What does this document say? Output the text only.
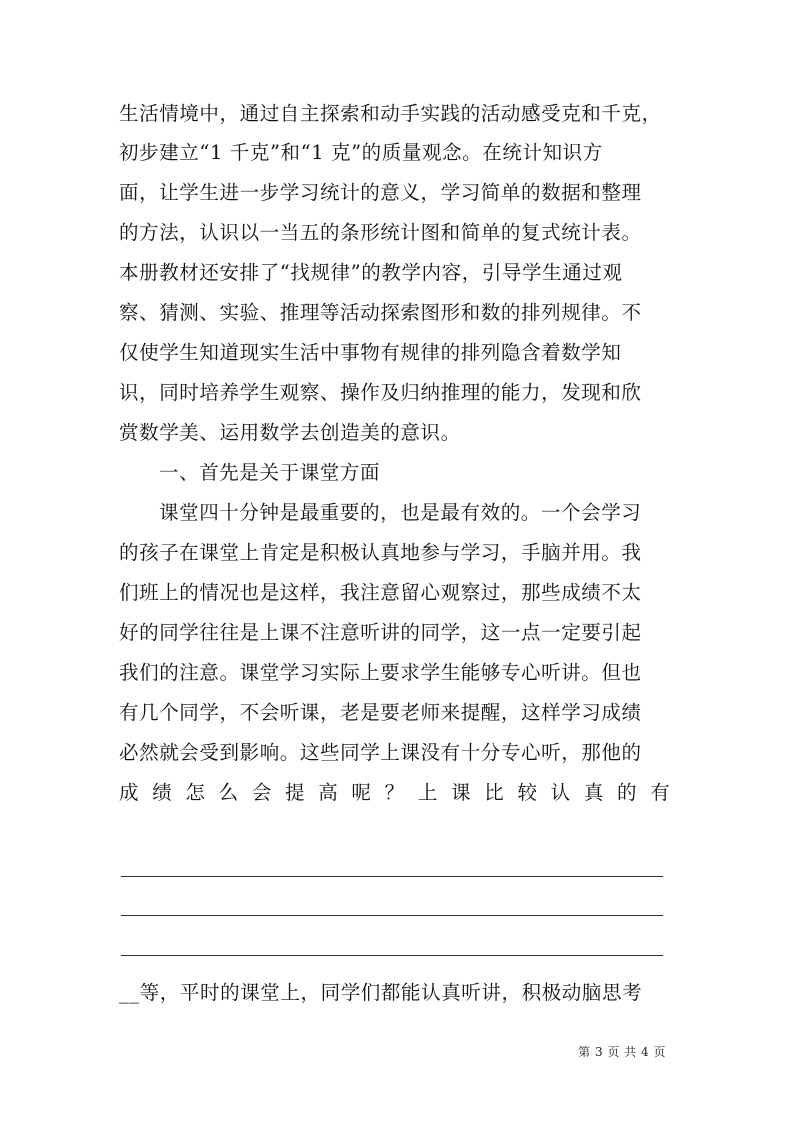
生活情境中，通过自主探索和动手实践的活动感受克和千克，
初步建立“1 千克”和“1 克”的质量观念。在统计知识方
面，让学生进一步学习统计的意义，学习简单的数据和整理
的方法，认识以一当五的条形统计图和简单的复式统计表。
本册教材还安排了“找规律”的教学内容，引导学生通过观
察、猜测、实验、推理等活动探索图形和数的排列规律。不
仅使学生知道现实生活中事物有规律的排列隐含着数学知
识，同时培养学生观察、操作及归纳推理的能力，发现和欣
赏数学美、运用数学去创造美的意识。
一、首先是关于课堂方面
课堂四十分钟是最重要的，也是最有效的。一个会学习
的孩子在课堂上肯定是积极认真地参与学习，手脑并用。我
们班上的情况也是这样，我注意留心观察过，那些成绩不太
好的同学往往是上课不注意听讲的同学，这一点一定要引起
我们的注意。课堂学习实际上要求学生能够专心听讲。但也
有几个同学，不会听课，老是要老师来提醒，这样学习成绩
必然就会受到影响。这些同学上课没有十分专心听，那他的
成 绩 怎 么 会 提 高 呢 ？ 上 课 比 较 认 真 的 有
__等，平时的课堂上，同学们都能认真听讲，积极动脑思考
第 3 页 共 4 页
